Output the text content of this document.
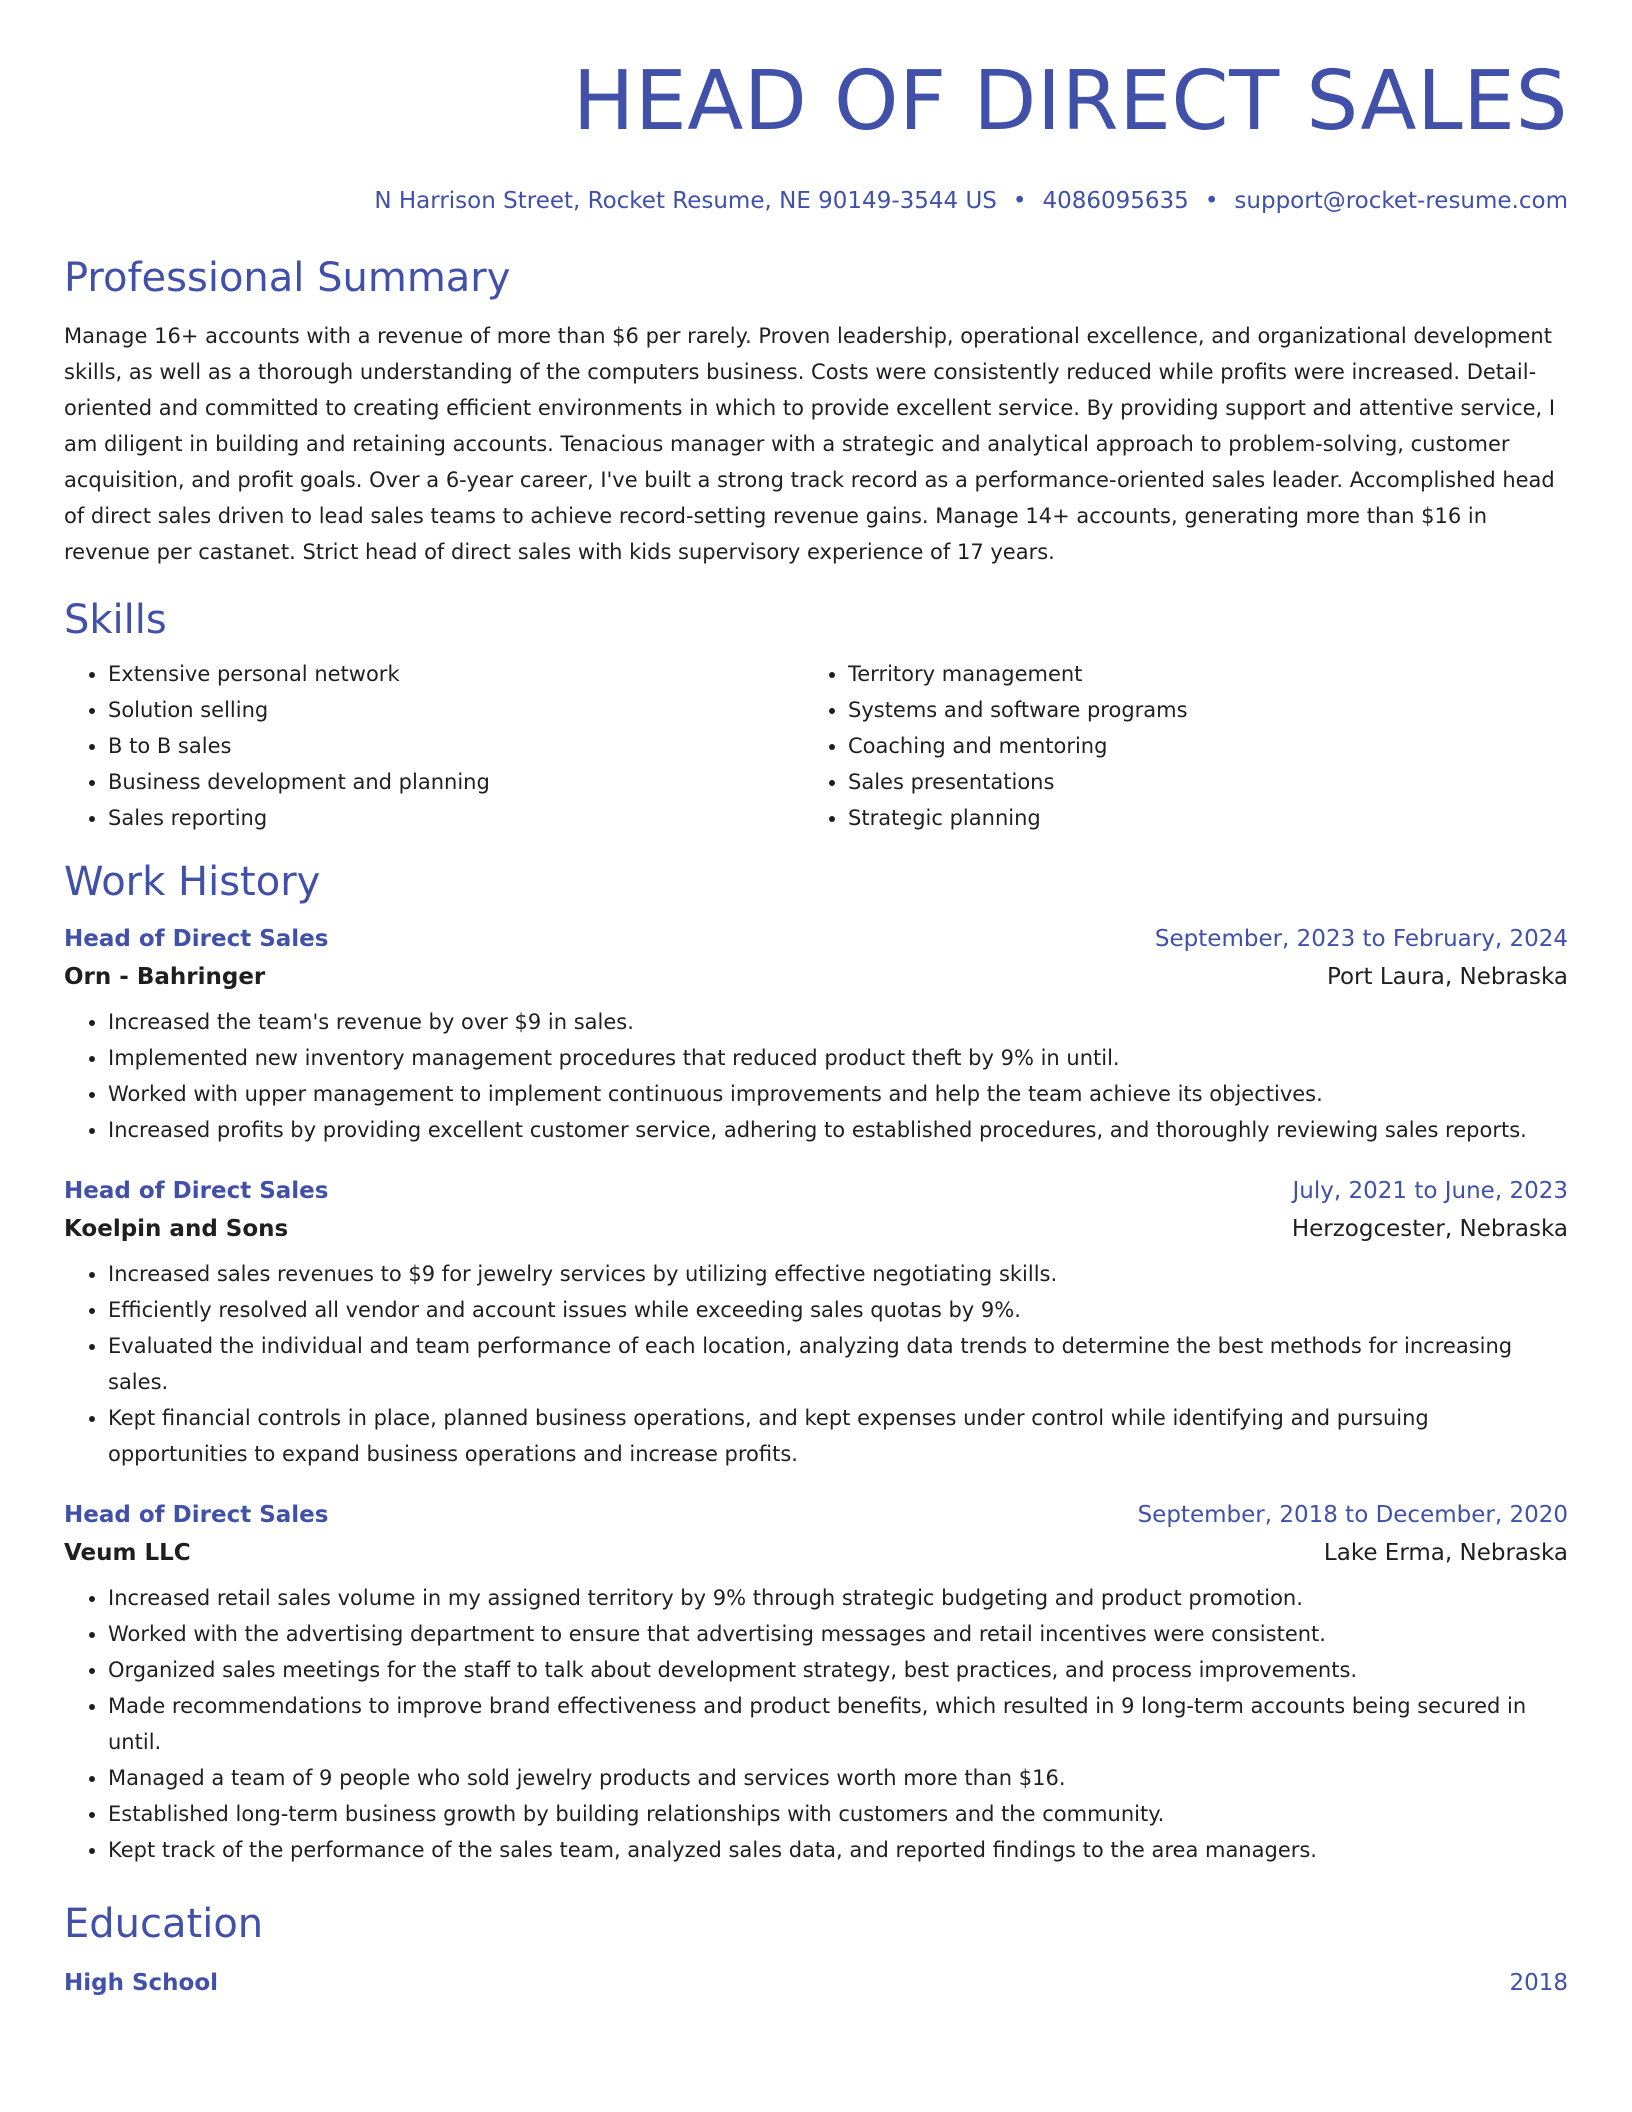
HEAD OF DIRECT SALES
N Harrison Street, Rocket Resume, NE 90149-3544 US • 4086095635 • support@rocket-resume.com
Professional Summary
Manage 16+ accounts with a revenue of more than $6 per rarely. Proven leadership, operational excellence, and organizational development skills, as well as a thorough understanding of the computers business. Costs were consistently reduced while profits were increased. Detail-oriented and committed to creating efficient environments in which to provide excellent service. By providing support and attentive service, I am diligent in building and retaining accounts. Tenacious manager with a strategic and analytical approach to problem-solving, customer acquisition, and profit goals. Over a 6-year career, I've built a strong track record as a performance-oriented sales leader. Accomplished head of direct sales driven to lead sales teams to achieve record-setting revenue gains. Manage 14+ accounts, generating more than $16 in revenue per castanet. Strict head of direct sales with kids supervisory experience of 17 years.
Skills
• Extensive personal network
• Solution selling
• B to B sales
• Business development and planning
• Sales reporting
• Territory management
• Systems and software programs
• Coaching and mentoring
• Sales presentations
• Strategic planning
Work History
Head of Direct Sales	September, 2023 to February, 2024
Orn - Bahringer	Port Laura, Nebraska
• Increased the team's revenue by over $9 in sales.
• Implemented new inventory management procedures that reduced product theft by 9% in until.
• Worked with upper management to implement continuous improvements and help the team achieve its objectives.
• Increased profits by providing excellent customer service, adhering to established procedures, and thoroughly reviewing sales reports.
Head of Direct Sales	July, 2021 to June, 2023
Koelpin and Sons	Herzogcester, Nebraska
• Increased sales revenues to $9 for jewelry services by utilizing effective negotiating skills.
• Efficiently resolved all vendor and account issues while exceeding sales quotas by 9%.
• Evaluated the individual and team performance of each location, analyzing data trends to determine the best methods for increasing sales.
• Kept financial controls in place, planned business operations, and kept expenses under control while identifying and pursuing opportunities to expand business operations and increase profits.
Head of Direct Sales	September, 2018 to December, 2020
Veum LLC	Lake Erma, Nebraska
• Increased retail sales volume in my assigned territory by 9% through strategic budgeting and product promotion.
• Worked with the advertising department to ensure that advertising messages and retail incentives were consistent.
• Organized sales meetings for the staff to talk about development strategy, best practices, and process improvements.
• Made recommendations to improve brand effectiveness and product benefits, which resulted in 9 long-term accounts being secured in until.
• Managed a team of 9 people who sold jewelry products and services worth more than $16.
• Established long-term business growth by building relationships with customers and the community.
• Kept track of the performance of the sales team, analyzed sales data, and reported findings to the area managers.
Education
High School	2018
